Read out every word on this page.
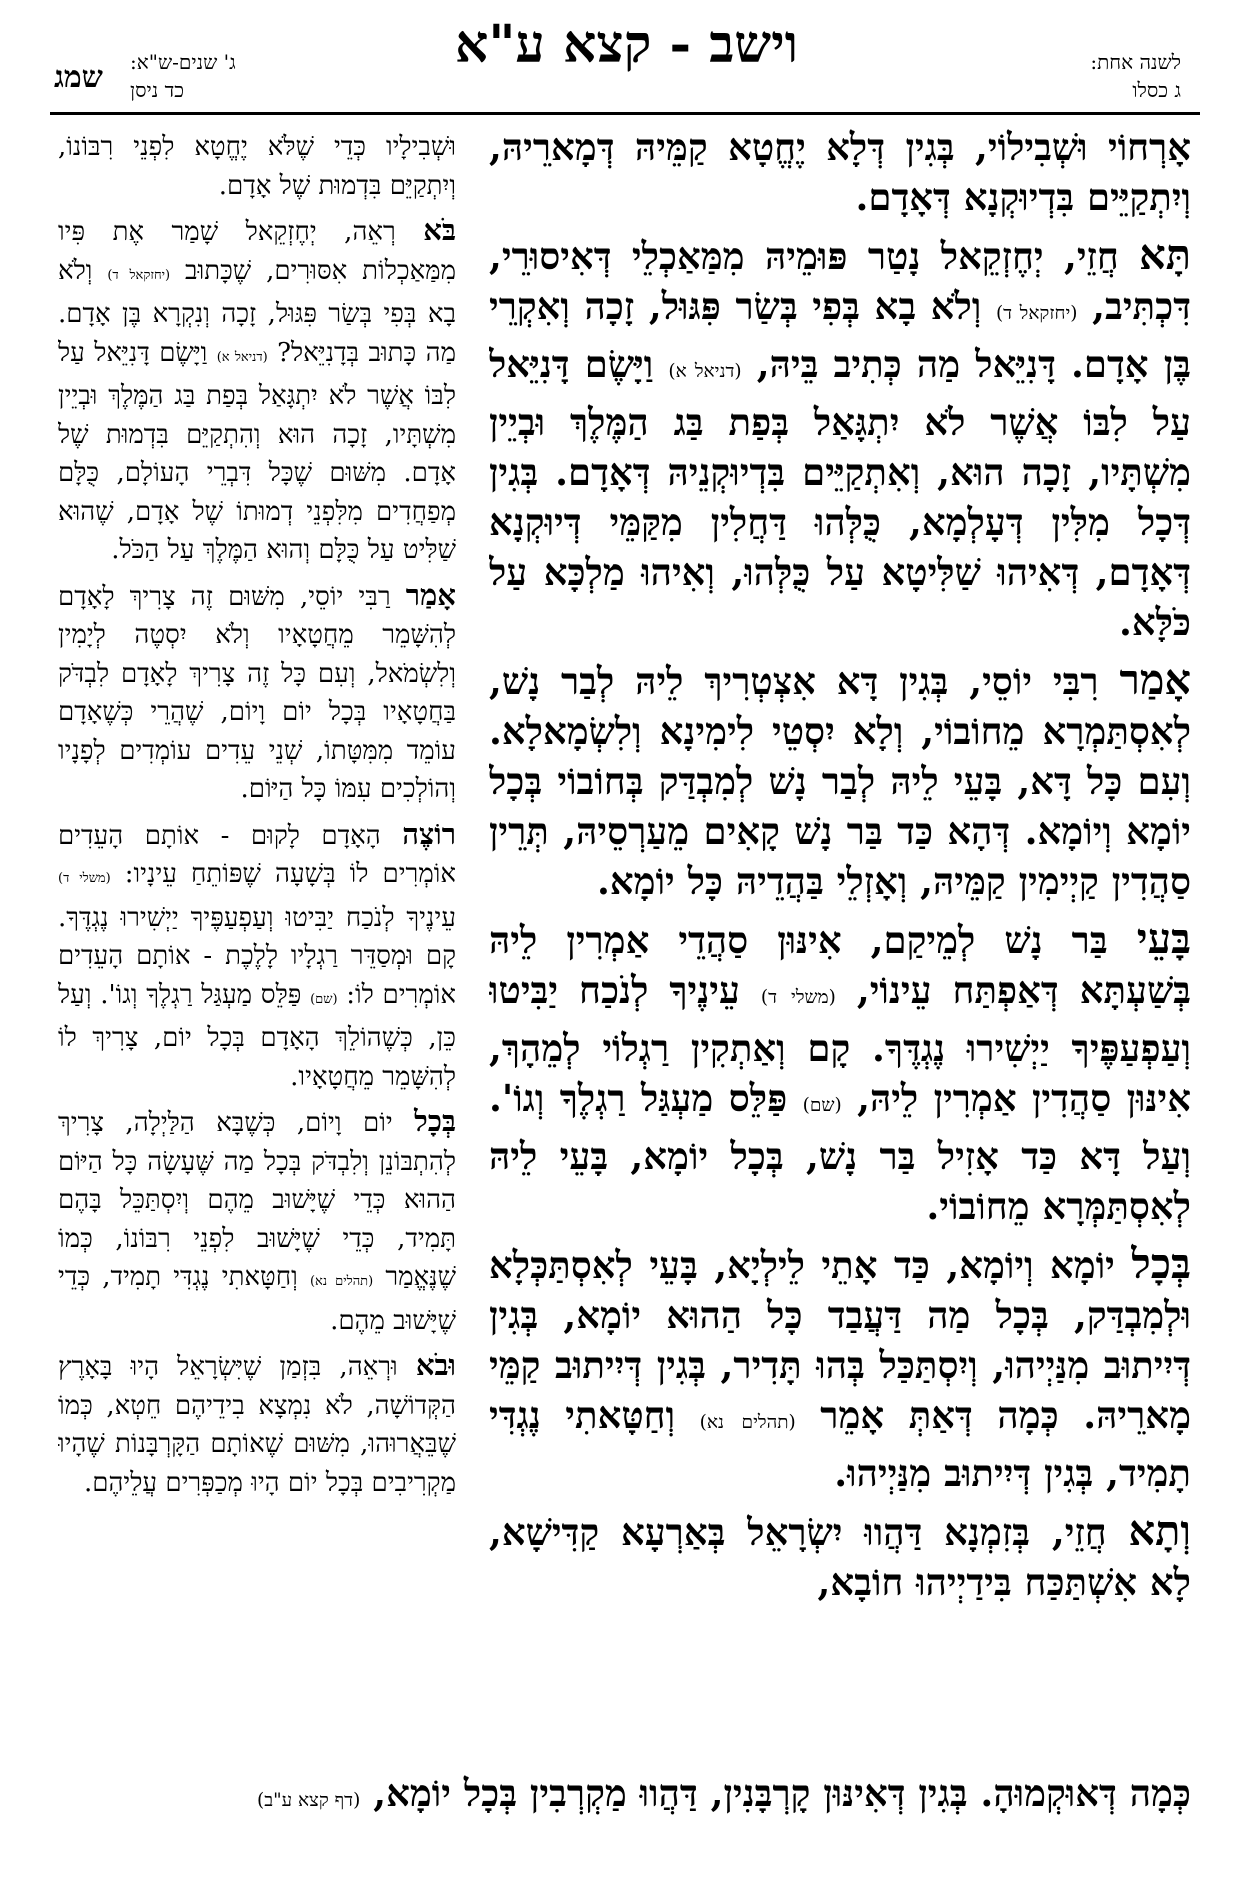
וישב - קצא ע"א	לשנה אחת:
ג כסלו
ג' שנים-ש"א:
כד ניסן
שמג
אָרְחוֹי וּשְׁבִילוֹי, בְּגִין דְּלָא יֶחֱטָא קַמֵּיהּ דְּמָארֵיהּ, וְיִתְקַיֵּים בִּדְיוּקְנָא דְּאָדָם.
תָּא חֲזֵי, יְחֶזְקֵאל נָטַר פּוּמֵיהּ מִמַּאַכְלֵי דְּאִיסוּרֵי, דִּכְתִּיב, (יחזקאל ד) וְלֹא בָא בְּפִי בְּשַׂר פִּגּוּל, זָכָה וְאִקְרֵי בֶּן אָדָם. דָּנִיֵּאל מַה כְּתִיב בֵּיהּ, (דניאל א) וַיָּשֶׂם דָּנִיֵּאל עַל לִבּוֹ אֲשֶׁר לֹא יִתְגָּאַל בְּפַת בַּג הַמֶּלֶךְ וּבְיֵין מִשְׁתָּיו, זָכָה הוּא, וְאִתְקַיֵּים בִּדְיוּקְנֵיהּ דְּאָדָם. בְּגִין דְּכָל מִלִּין דְּעָלְמָא, כֻּלְּהוּ דַּחֲלִין מִקַּמֵּי דְּיוּקְנָא דְּאָדָם, דְּאִיהוּ שַׁלִּיטָא עַל כֻּלְּהוּ, וְאִיהוּ מַלְכָּא עַל כֹּלָּא.
אָמַר רִבִּי יוֹסֵי, בְּגִין דָּא אִצְטְרִיךְ לֵיהּ לְבַר נָשׁ, לְאִסְתַּמְרָא מֵחוֹבוֹי, וְלָא יִסְטֵי לִימִינָא וְלִשְׂמָאלָא. וְעִם כָּל דָּא, בָּעֵי לֵיהּ לְבַר נָשׁ לְמִבְדַּק בְּחוֹבוֹי בְּכָל יוֹמָא וְיוֹמָא. דְּהָא כַּד בַּר נָשׁ קָאִים מֵעַרְסֵיהּ, תְּרֵין סַהֲדִין קַיְימִין קַמֵּיהּ, וְאָזְלֵי בַּהֲדֵיהּ כָּל יוֹמָא.
בָּעֵי בַּר נָשׁ לְמֵיקַם, אִינּוּן סַהֲדֵי אַמְרִין לֵיהּ בְּשַׁעְתָּא דְּאַפְתַּח עֵינוֹי, (משלי ד) עֵינֶיךָ לְנֹכַח יַבִּיטוּ וְעַפְעַפֶּיךָ יַיְשִׁירוּ נֶגְדֶּךָ. קָם וְאַתְקִין רַגְלוֹי לְמֵהָךְ, אִינּוּן סַהֲדִין אַמְרִין לֵיהּ, (שם) פַּלֵּס מַעְגַּל רַגְלֶךָ וְגוֹ'. וְעַל דָּא כַּד אָזִיל בַּר נָשׁ, בְּכָל יוֹמָא, בָּעֵי לֵיהּ לְאִסְתַּמְּרָא מֵחוֹבוֹי.
בְּכָל יוֹמָא וְיוֹמָא, כַּד אָתֵי לֵילְיָא, בָּעֵי לְאִסְתַּכְּלָא וּלְמִבְדַּק, בְּכָל מַה דַּעֲבַד כָּל הַהוּא יוֹמָא, בְּגִין דְּיִיתוּב מִנַּיְיהוּ, וְיִסְתַּכַּל בְּהוּ תָּדִיר, בְּגִין דְּיִיתוּב קַמֵּי מָארֵיהּ. כְּמָה דְּאַתְּ אָמֵר (תהלים נא) וְחַטָּאתִי נֶגְדִּי תָמִיד, בְּגִין דְּיִיתוּב מִנַּיְיהוּ.
וְתָא חֲזֵי, בְּזִמְנָא דַּהֲווּ יִשְׂרָאֵל בְּאַרְעָא קַדִּישָׁא, לָא אִשְׁתַּכַּח בִּידַיְיהוּ חוֹבָא,
וּשְׁבִילָיו כְּדֵי שֶׁלֹּא יֶחֱטָא לִפְנֵי רִבּוֹנוֹ, וְיִתְקַיֵּם בִּדְמוּת שֶׁל אָדָם.
בֹּא רְאֵה, יְחֶזְקֵאל שָׁמַר אֶת פִּיו מִמַּאַכְלוֹת אִסּוּרִים, שֶׁכָּתוּב (יחזקאל ד) וְלֹא בָא בְּפִי בְּשַׂר פִּגּוּל, זָכָה וְנִקְרָא בֶּן אָדָם. מַה כָּתוּב בְּדָנִיֵּאל? (דניאל א) וַיָּשֶׂם דָּנִיֵּאל עַל לִבּוֹ אֲשֶׁר לֹא יִתְגָּאַל בְּפַת בַּג הַמֶּלֶךְ וּבְיֵין מִשְׁתָּיו, זָכָה הוּא וְהִתְקַיֵּם בִּדְמוּת שֶׁל אָדָם. מִשּׁוּם שֶׁכָּל דִּבְרֵי הָעוֹלָם, כֻּלָּם מְפַחֲדִים מִלִּפְנֵי דְמוּתוֹ שֶׁל אָדָם, שֶׁהוּא שַׁלִּיט עַל כֻּלָּם וְהוּא הַמֶּלֶךְ עַל הַכֹּל.
אָמַר רַבִּי יוֹסֵי, מִשּׁוּם זֶה צָרִיךְ לָאָדָם לְהִשָּׁמֵר מֵחֲטָאָיו וְלֹא יִסְטֶה לְיָמִין וְלִשְׂמֹאל, וְעִם כָּל זֶה צָרִיךְ לָאָדָם לִבְדֹּק בַּחֲטָאָיו בְּכָל יוֹם וָיוֹם, שֶׁהֲרֵי כְּשֶׁאָדָם עוֹמֵד מִמִּטָּתוֹ, שְׁנֵי עֵדִים עוֹמְדִים לְפָנָיו וְהוֹלְכִים עִמּוֹ כָּל הַיּוֹם.
רוֹצֶה הָאָדָם לָקוּם - אוֹתָם הָעֵדִים אוֹמְרִים לוֹ בְּשָׁעָה שֶׁפּוֹתֵחַ עֵינָיו: (משלי ד) עֵינֶיךָ לְנֹכַח יַבִּיטוּ וְעַפְעַפֶּיךָ יַיְשִׁירוּ נֶגְדֶּךָ. קָם וּמְסַדֵּר רַגְלָיו לָלֶכֶת - אוֹתָם הָעֵדִים אוֹמְרִים לוֹ: (שם) פַּלֵּס מַעְגַּל רַגְלֶךָ וְגוֹ'. וְעַל כֵּן, כְּשֶׁהוֹלֵךְ הָאָדָם בְּכָל יוֹם, צָרִיךְ לוֹ לְהִשָּׁמֵר מֵחֲטָאָיו.
בְּכָל יוֹם וָיוֹם, כְּשֶׁבָּא הַלַּיְלָה, צָרִיךְ לְהִתְבּוֹנֵן וְלִבְדֹּק בְּכָל מַה שֶּׁעָשָׂה כָּל הַיּוֹם הַהוּא כְּדֵי שֶׁיָּשׁוּב מֵהֶם וְיִסְתַּכֵּל בָּהֶם תָּמִיד, כְּדֵי שֶׁיָּשׁוּב לִפְנֵי רִבּוֹנוֹ, כְּמוֹ שֶׁנֶּאֱמַר (תהלים נא) וְחַטָּאתִי נֶגְדִּי תָמִיד, כְּדֵי שֶׁיָּשׁוּב מֵהֶם.
וּבֹא וּרְאֵה, בִּזְמַן שֶׁיִּשְׂרָאֵל הָיוּ בָּאָרֶץ הַקְּדוֹשָׁה, לֹא נִמְצָא בִידֵיהֶם חֵטְא, כְּמוֹ שֶׁבֵּאֲרוּהוּ, מִשּׁוּם שֶׁאוֹתָם הַקָּרְבָּנוֹת שֶׁהָיוּ מַקְרִיבִים בְּכָל יוֹם הָיוּ מְכַפְּרִים עֲלֵיהֶם.
כְּמָה דְּאוּקְמוּהָ. בְּגִין דְּאִינּוּן קָרְבָּנִין, דַּהֲווּ מַקְרְבִין בְּכָל יוֹמָא, (דף קצא ע"ב)
